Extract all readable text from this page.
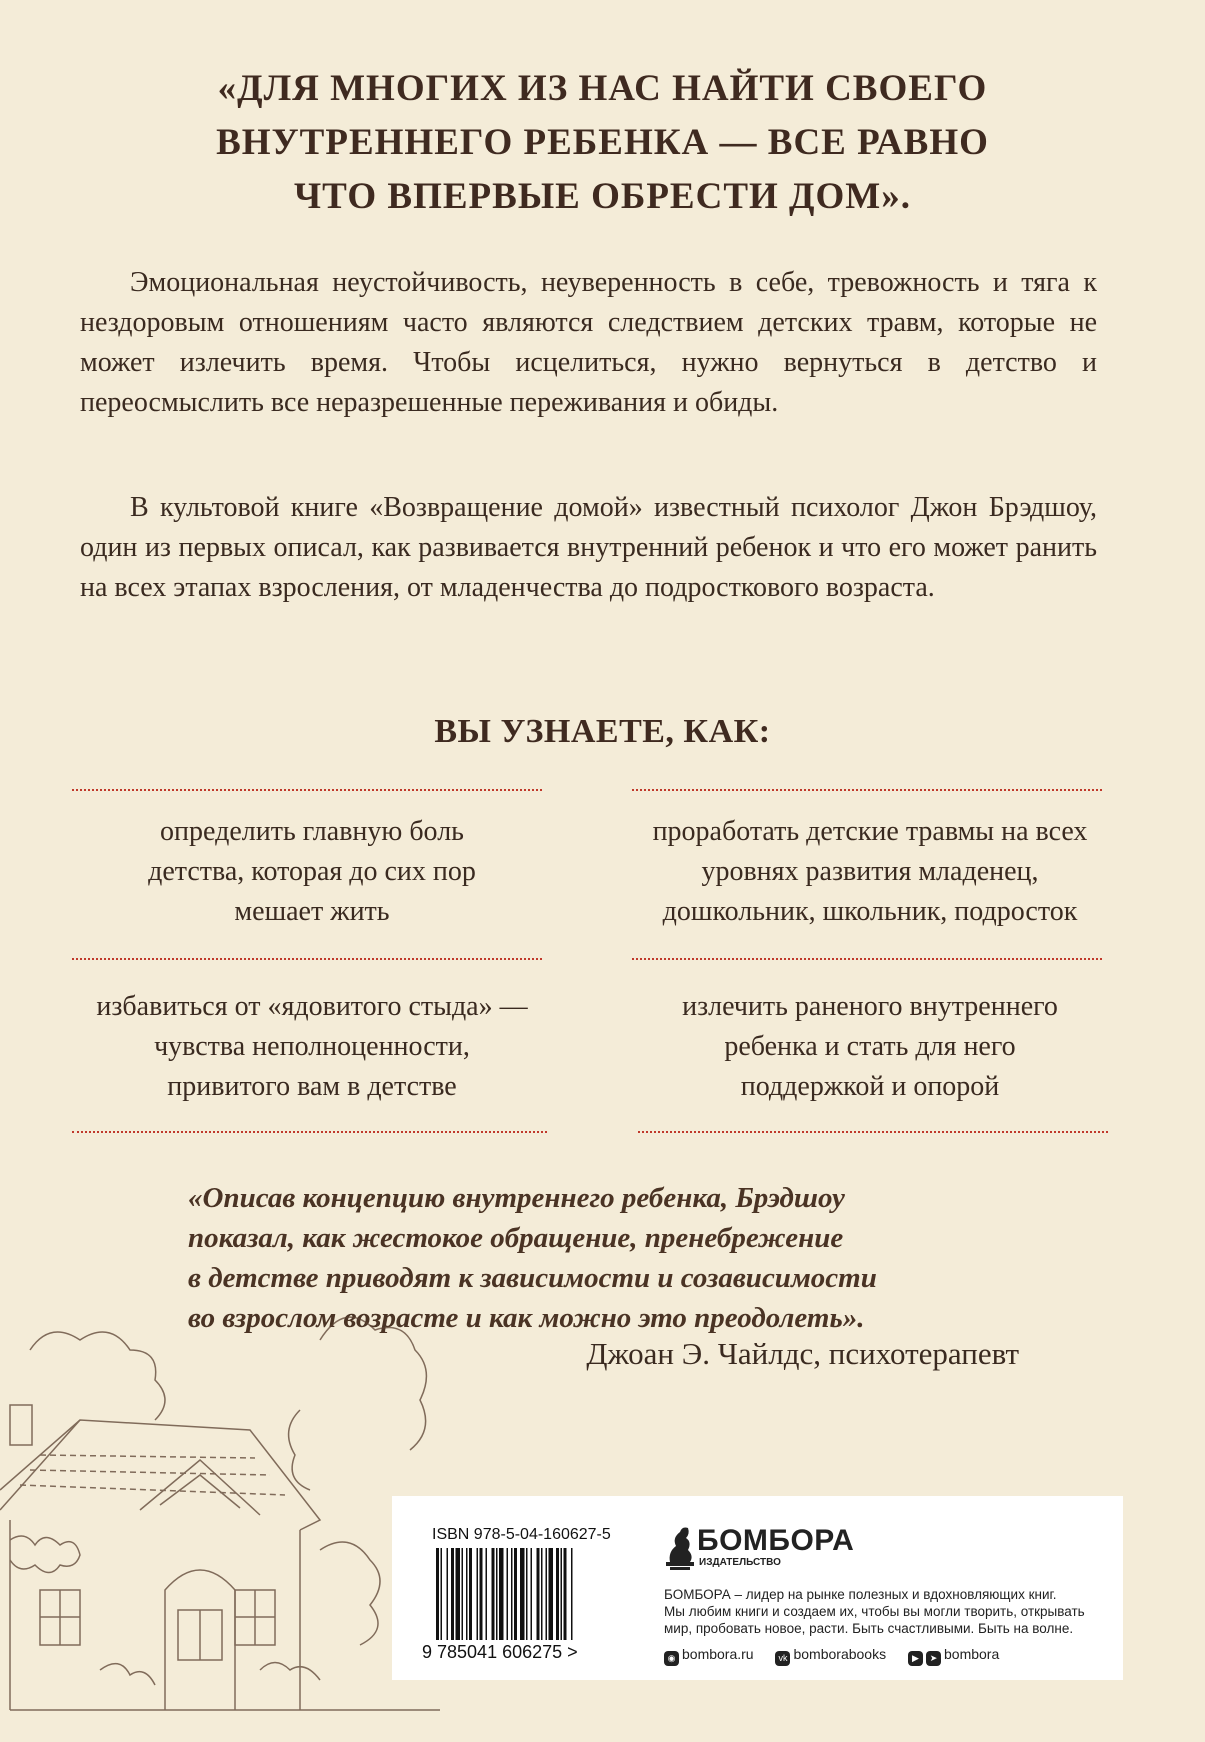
«ДЛЯ МНОГИХ ИЗ НАС НАЙТИ СВОЕГО
ВНУТРЕННЕГО РЕБЕНКА — ВСЕ РАВНО
ЧТО ВПЕРВЫЕ ОБРЕСТИ ДОМ».
Эмоциональная неустойчивость, неуверенность в себе, тревожность и тяга к нездоровым отношениям часто являются следствием детских травм, которые не может излечить время. Чтобы исцелиться, нужно вернуться в детство и переосмыслить все неразрешенные переживания и обиды.
В культовой книге «Возвращение домой» известный психолог Джон Брэдшоу, один из первых описал, как развивается внутренний ребенок и что его может ранить на всех этапах взросления, от младенчества до подросткового возраста.
ВЫ УЗНАЕТЕ, КАК:
определить главную боль
детства, которая до сих пор
мешает жить
проработать детские травмы на всех
уровнях развития младенец,
дошкольник, школьник, подросток
избавиться от «ядовитого стыда» —
чувства неполноценности,
привитого вам в детстве
излечить раненого внутреннего
ребенка и стать для него
поддержкой и опорой
«Описав концепцию внутреннего ребенка, Брэдшоу
показал, как жестокое обращение, пренебрежение
в детстве приводят к зависимости и созависимости
во взрослом возрасте и как можно это преодолеть».
Джоан Э. Чайлдс, психотерапевт
ISBN 978-5-04-160627-5
9 785041 606275 >
БОМБОРА
ИЗДАТЕЛЬСТВО
БОМБОРА – лидер на рынке полезных и вдохновляющих книг.
Мы любим книги и создаем их, чтобы вы могли творить, открывать
мир, пробовать новое, расти. Быть счастливыми. Быть на волне.
◉ bombora.ru	vk bomborabooks	▶ ➤ bombora
